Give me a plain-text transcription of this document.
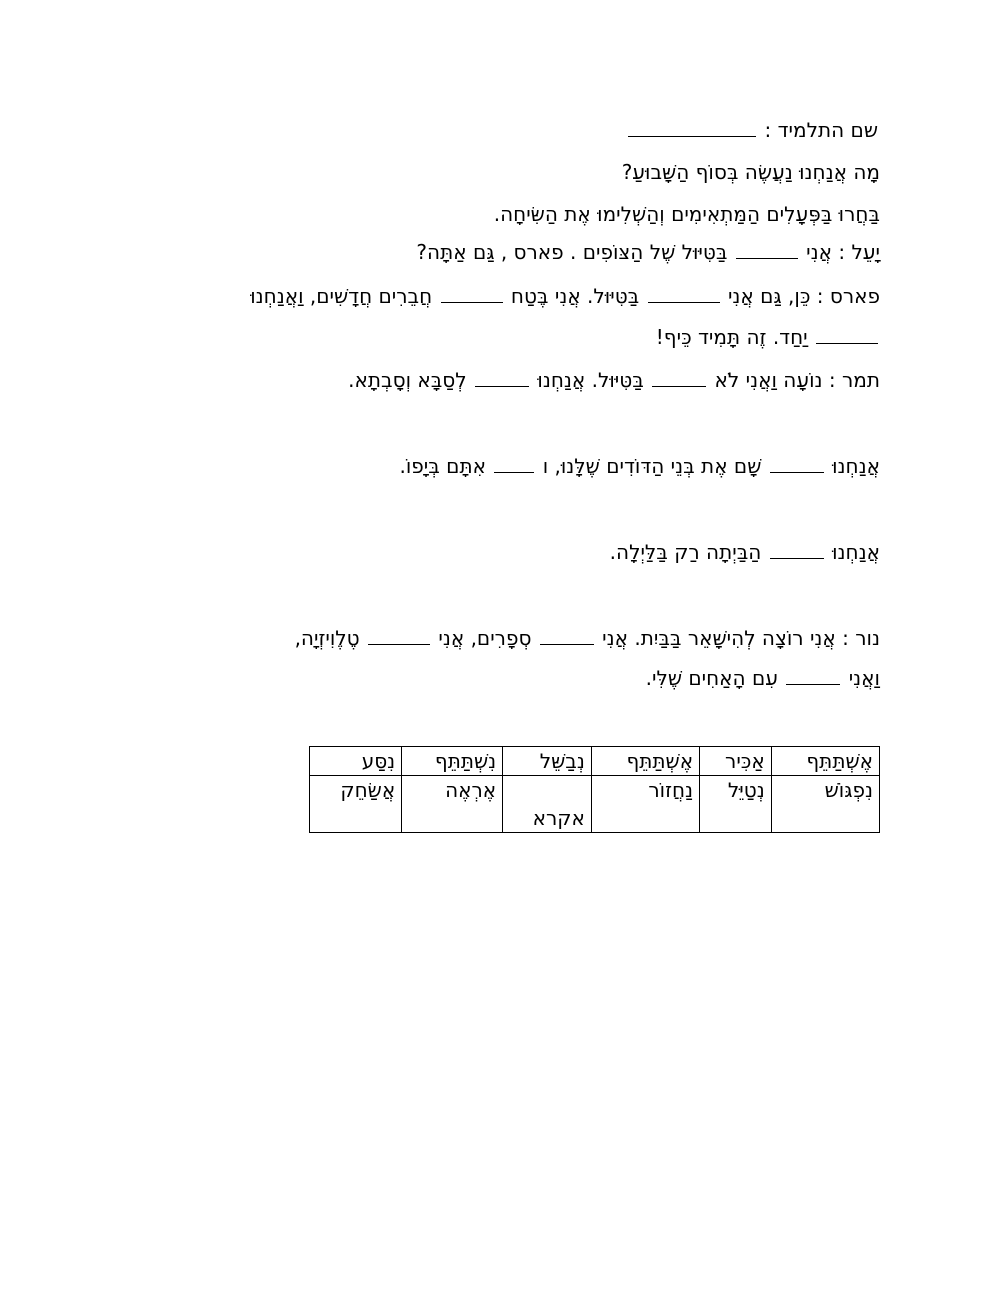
שם התלמיד :
מָה אֲנַחְנוּ נַעֲשֶׂה בְּסוֹף הַשָּׁבוּעַ?
בַּחֲרוּ בַּפְּעָלִים הַמַּתְאִימִים וְהַשְׁלִימוּ אֶת הַשִּׂיחָה.
יָעֵל : אֲנִי  בַּטִּיּוּל שֶׁל הַצּוֹפִים . פארס , גַּם אַתָּה?
פארס : כֵּן, גַּם אֲנִי  בַּטִּיּוּל. אֲנִי בֶּטַח  חֲבֵרִים חֲדָשִׁים, וַאֲנַחְנוּ
יַחַד. זֶה תָּמִיד כֵּיף!
תמר : נוֹעָה וַאֲנִי לֹא  בַּטִּיּוּל. אֲנַחְנוּ  לְסַבָּא וְסָבְתָא.
אֲנַחְנוּ  שָׁם אֶת בְּנֵי הַדּוֹדִים שֶׁלָּנוּ, ו  אִתָּם בְּיָפוֹ.
אֲנַחְנוּ  הַבַּיְתָה רַק בַּלַּיְלָה.
נור : אֲנִי רוֹצָה לְהִישָּׁאֵר בַּבַּיִת. אֲנִי  סְפָרִים, אֲנִי  טֶלֶוִיזְיָה,
וַאֲנִי  עִם הָאַחִים שֶׁלִּי.
אֶשְׁתַּתֵּף	אַכִּיר	אֶשְׁתַּתֵּף	נְבַשֵּׁל	נִשְׁתַּתֵּף	נִסַּע
נִפְגּוֹשׁ	נְטַיֵּל	נַחֲזוֹר	אקרא	אֶרְאֶה	אֲשַׂחֵק
